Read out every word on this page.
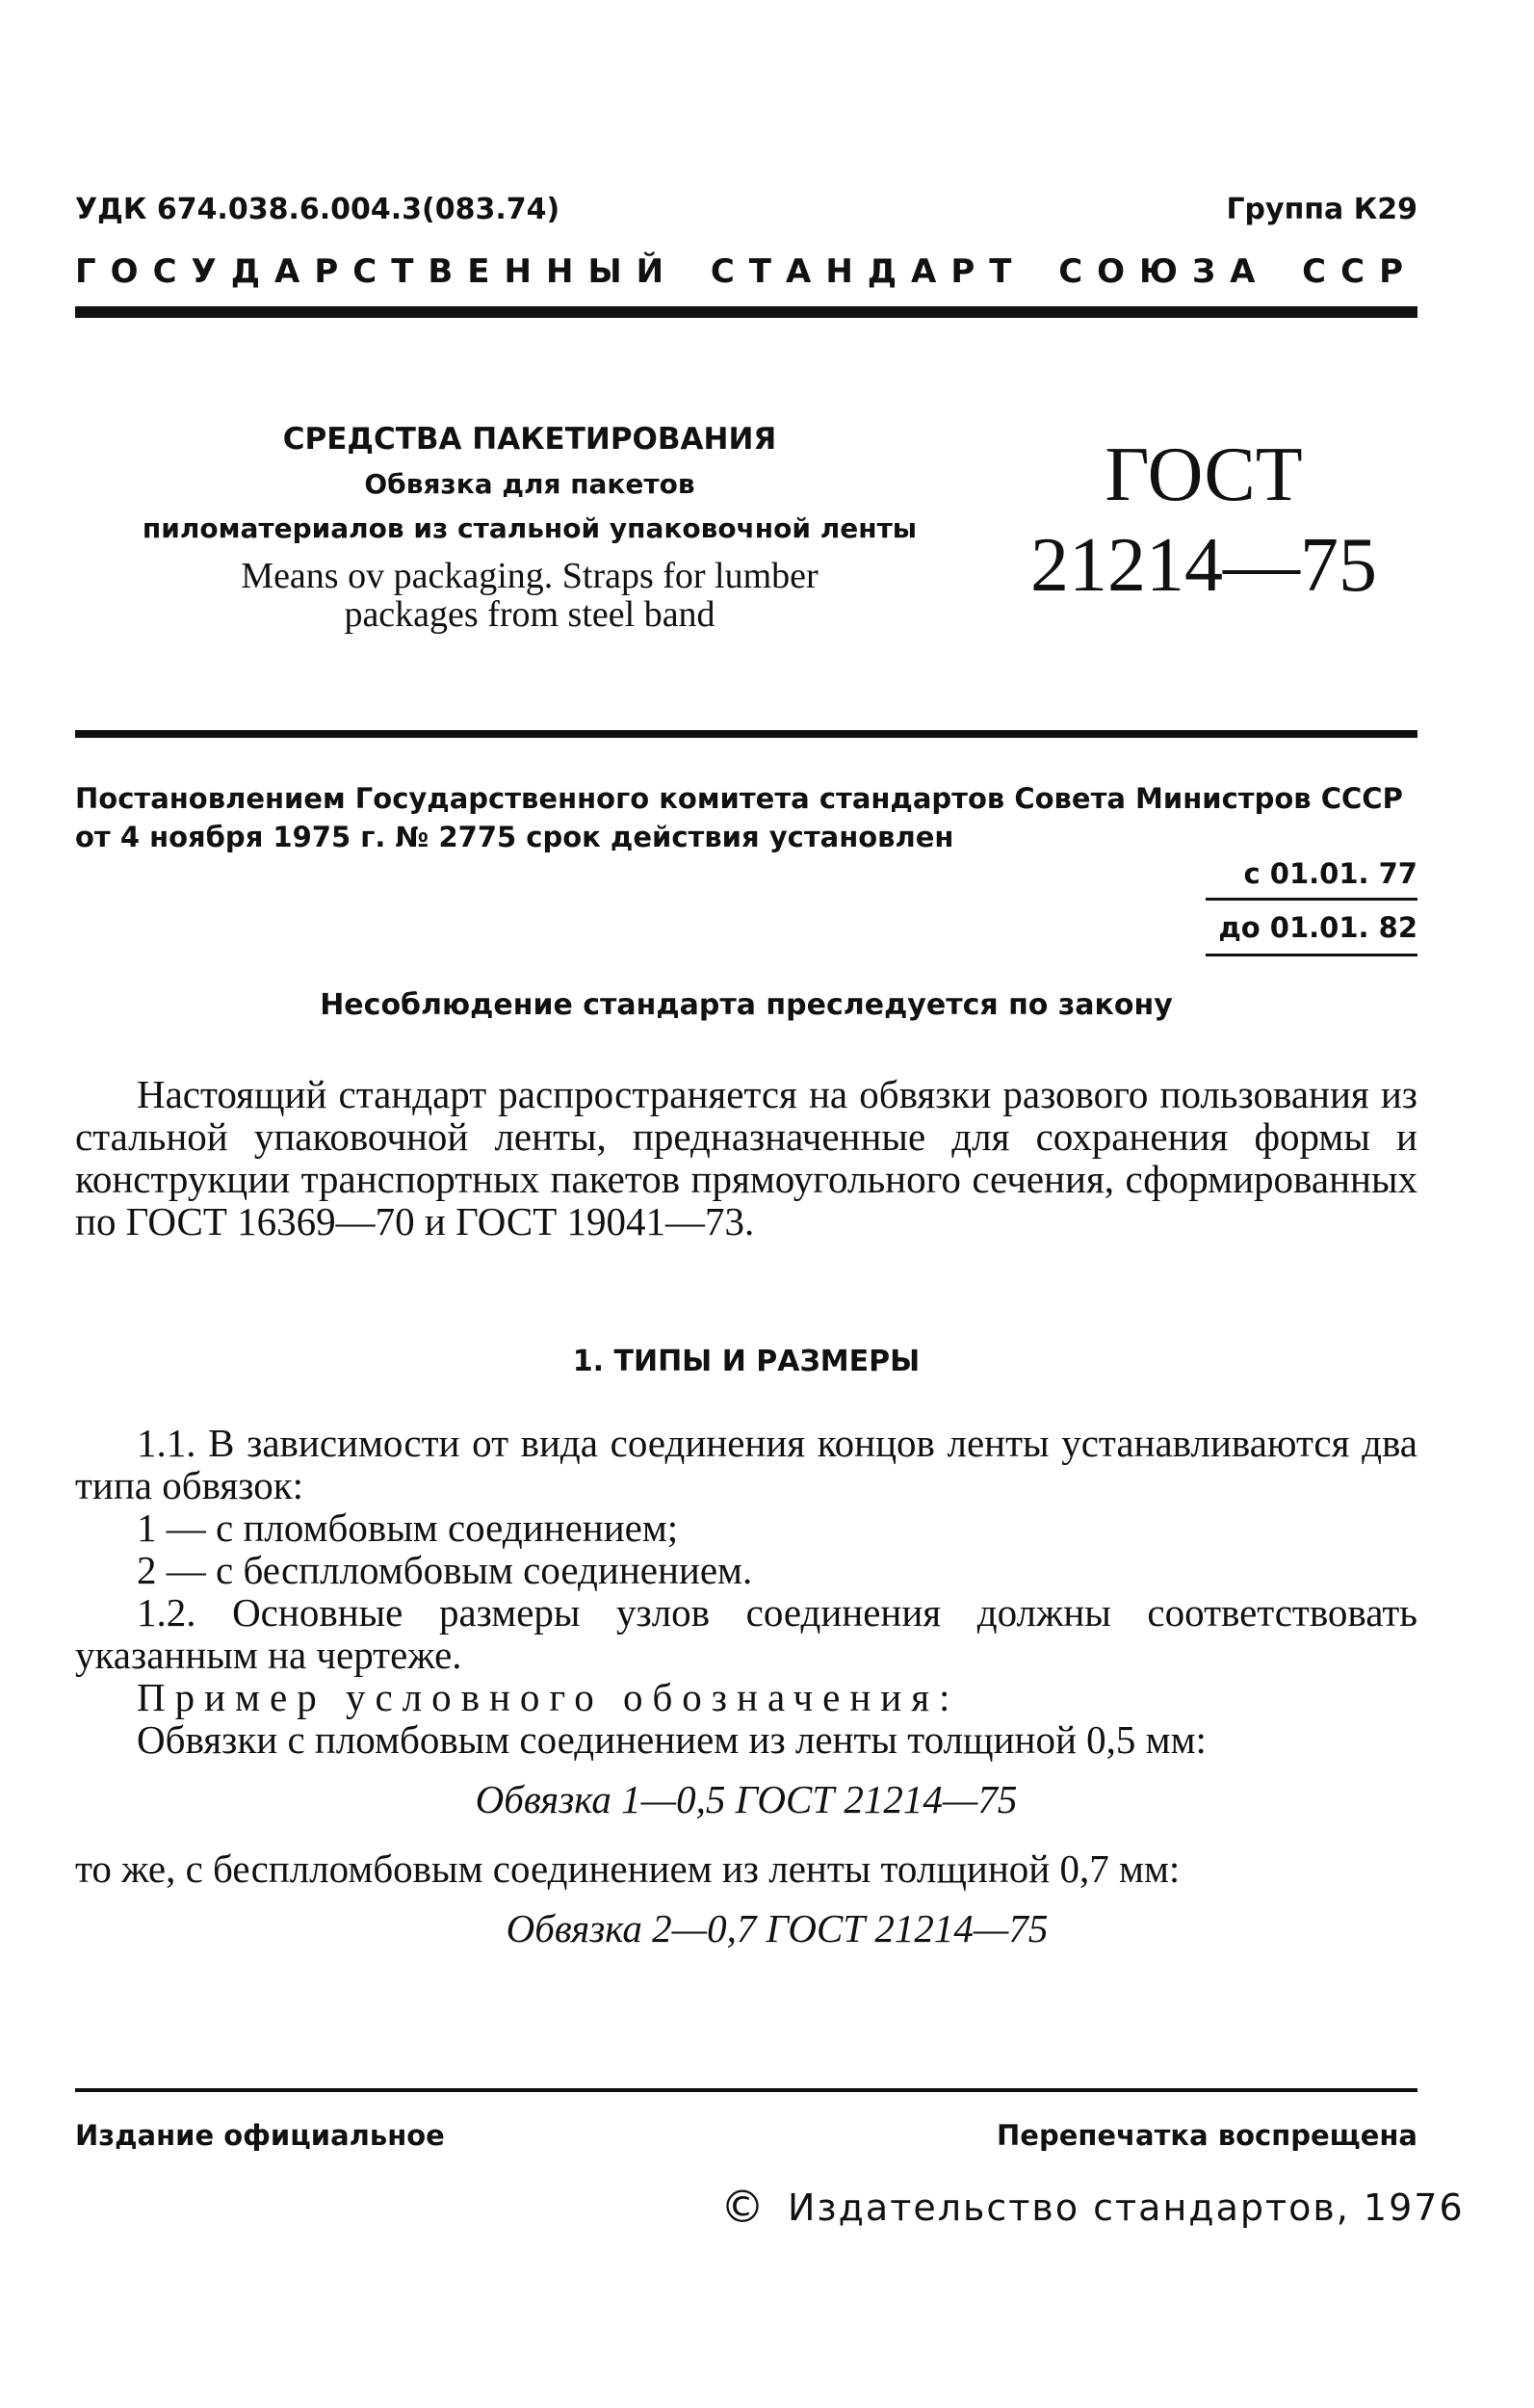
УДК 674.038.6.004.3(083.74)	Группа К29
ГОСУДАРСТВЕННЫЙ СТАНДАРТ СОЮЗА ССР
СРЕДСТВА ПАКЕТИРОВАНИЯ
Обвязка для пакетов
пиломатериалов из стальной упаковочной ленты
Means ov packaging. Straps for lumber
packages from steel band
ГОСТ
21214—75
Постановлением Государственного комитета стандартов Совета Министров СССР
от 4 ноября 1975 г. № 2775 срок действия установлен
с 01.01. 77
до 01.01. 82
Несоблюдение стандарта преследуется по закону
Настоящий стандарт распространяется на обвязки разового пользования из стальной упаковочной ленты, предназначенные для сохранения формы и конструкции транспортных пакетов прямоугольного сечения, сформированных по ГОСТ 16369—70 и ГОСТ 19041—73.
1. ТИПЫ И РАЗМЕРЫ
1.1. В зависимости от вида соединения концов ленты устанавливаются два типа обвязок:
1 — с пломбовым соединением;
2 — с бесплломбовым соединением.
1.2. Основные размеры узлов соединения должны соответствовать указанным на чертеже.
Пример условного обозначения:
Обвязки с пломбовым соединением из ленты толщиной 0,5 мм:
Обвязка 1—0,5 ГОСТ 21214—75
то же, с бесплломбовым соединением из ленты толщиной 0,7 мм:
Обвязка 2—0,7 ГОСТ 21214—75
Издание официальное	Перепечатка воспрещена
© Издательство стандартов, 1976
